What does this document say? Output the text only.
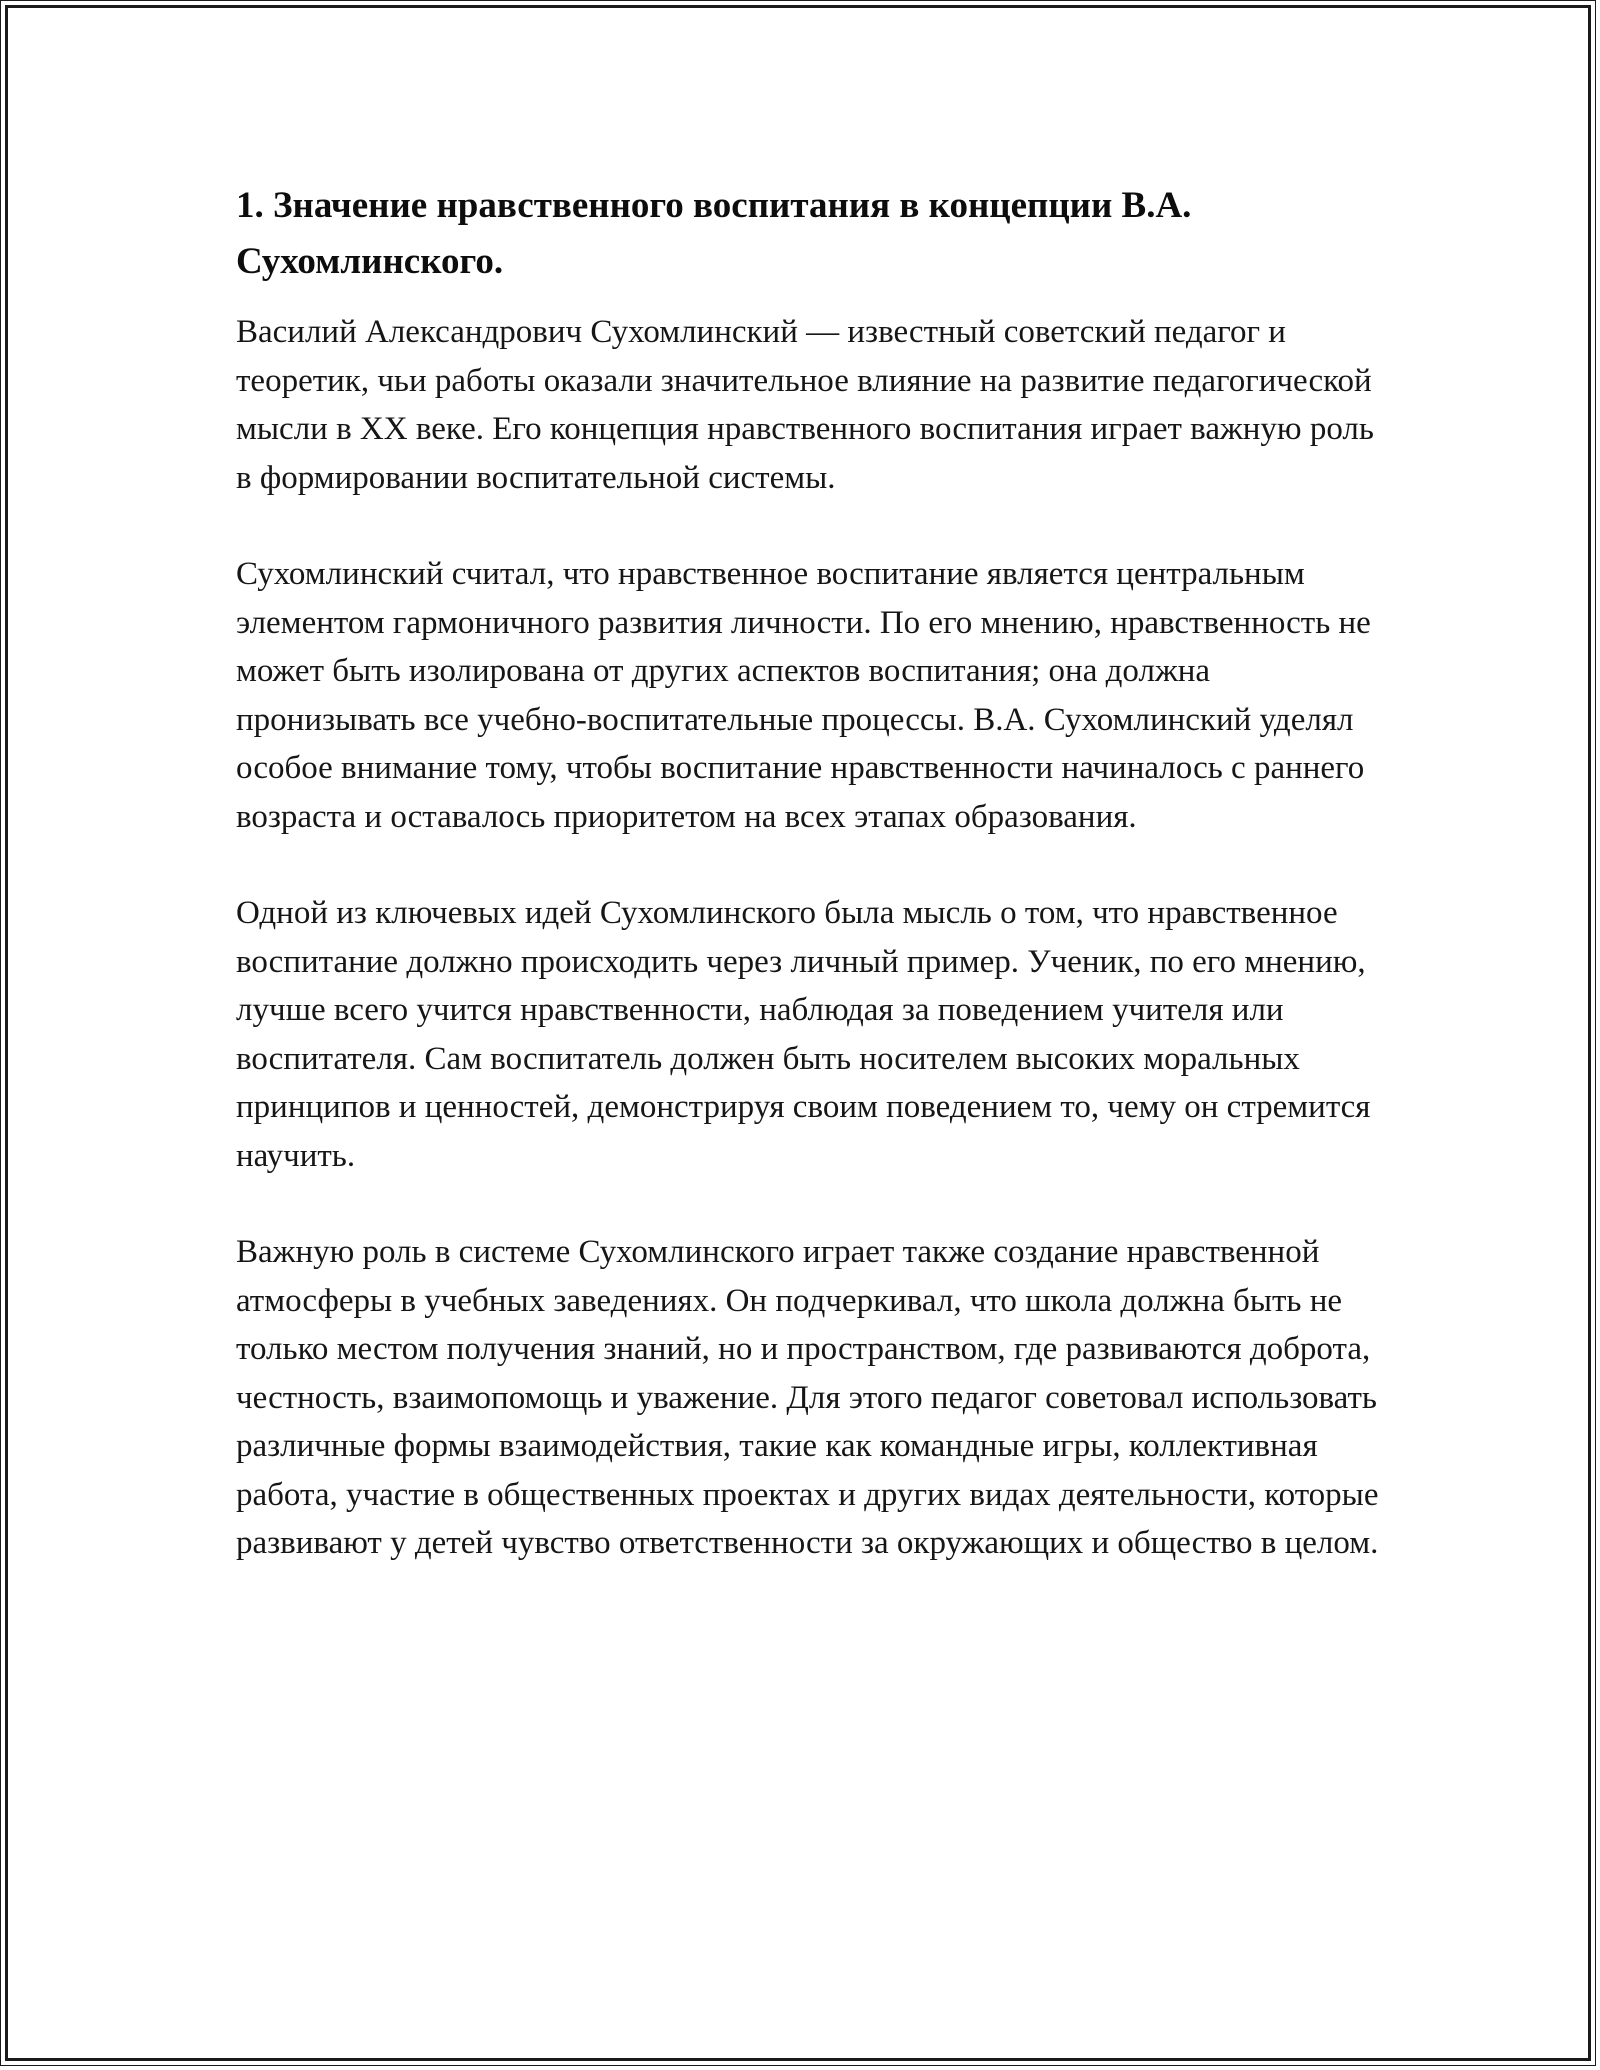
1. Значение нравственного воспитания в концепции В.А. Сухомлинского.

Василий Александрович Сухомлинский — известный советский педагог и теоретик, чьи работы оказали значительное влияние на развитие педагогической мысли в XX веке. Его концепция нравственного воспитания играет важную роль в формировании воспитательной системы.

Сухомлинский считал, что нравственное воспитание является центральным элементом гармоничного развития личности. По его мнению, нравственность не может быть изолирована от других аспектов воспитания; она должна пронизывать все учебно-воспитательные процессы. В.А. Сухомлинский уделял особое внимание тому, чтобы воспитание нравственности начиналось с раннего возраста и оставалось приоритетом на всех этапах образования.

Одной из ключевых идей Сухомлинского была мысль о том, что нравственное воспитание должно происходить через личный пример. Ученик, по его мнению, лучше всего учится нравственности, наблюдая за поведением учителя или воспитателя. Сам воспитатель должен быть носителем высоких моральных принципов и ценностей, демонстрируя своим поведением то, чему он стремится научить.

Важную роль в системе Сухомлинского играет также создание нравственной атмосферы в учебных заведениях. Он подчеркивал, что школа должна быть не только местом получения знаний, но и пространством, где развиваются доброта, честность, взаимопомощь и уважение. Для этого педагог советовал использовать различные формы взаимодействия, такие как командные игры, коллективная работа, участие в общественных проектах и других видах деятельности, которые развивают у детей чувство ответственности за окружающих и общество в целом.
